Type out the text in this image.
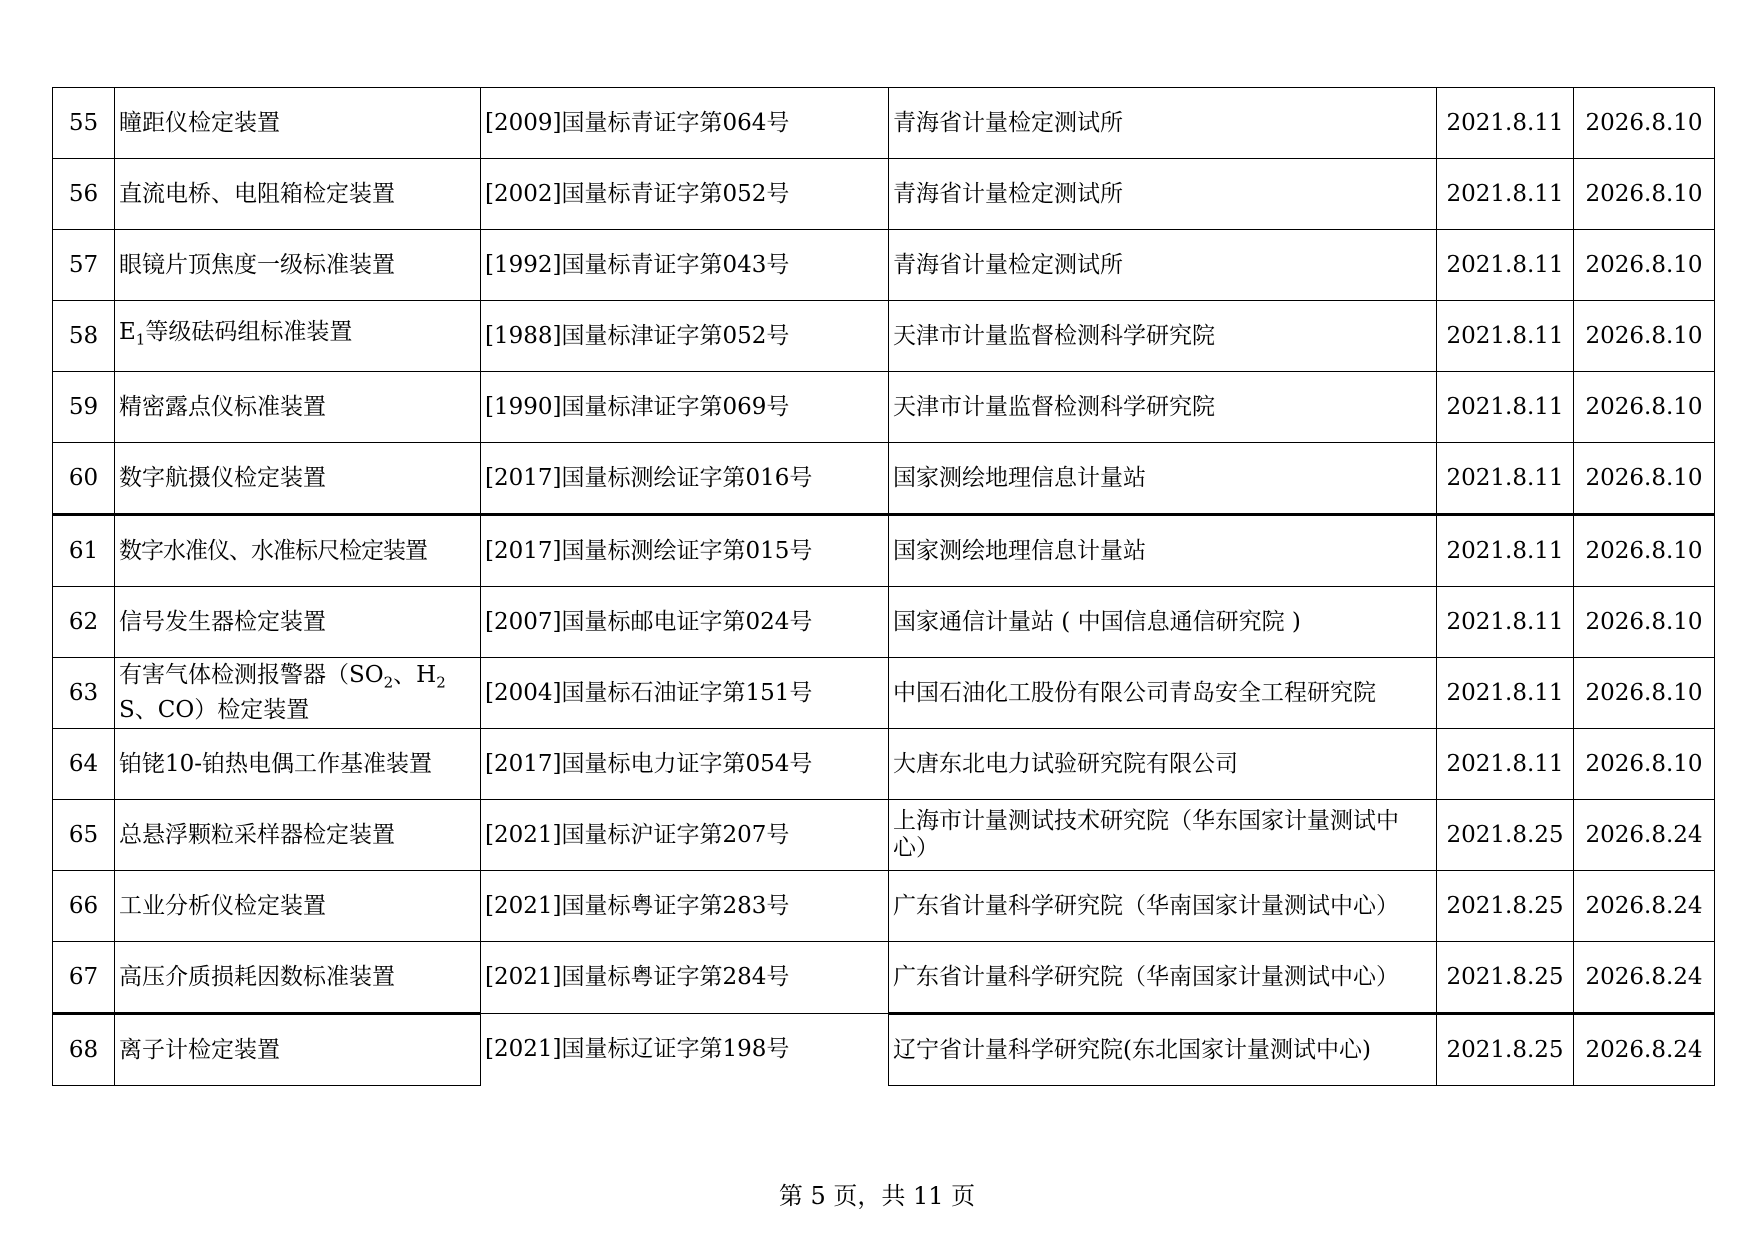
55	瞳距仪检定装置	[2009]国量标青证字第064号	青海省计量检定测试所	2021.8.11	2026.8.10
56	直流电桥、电阻箱检定装置	[2002]国量标青证字第052号	青海省计量检定测试所	2021.8.11	2026.8.10
57	眼镜片顶焦度一级标准装置	[1992]国量标青证字第043号	青海省计量检定测试所	2021.8.11	2026.8.10
58	$E_1$等级砝码组标准装置	[1988]国量标津证字第052号	天津市计量监督检测科学研究院	2021.8.11	2026.8.10
59	精密露点仪标准装置	[1990]国量标津证字第069号	天津市计量监督检测科学研究院	2021.8.11	2026.8.10
60	数字航摄仪检定装置	[2017]国量标测绘证字第016号	国家测绘地理信息计量站	2021.8.11	2026.8.10
61	数字水准仪、水准标尺检定装置	[2017]国量标测绘证字第015号	国家测绘地理信息计量站	2021.8.11	2026.8.10
62	信号发生器检定装置	[2007]国量标邮电证字第024号	国家通信计量站 ( 中国信息通信研究院 )	2021.8.11	2026.8.10
63	有害气体检测报警器（$SO_2$、$H_2S$、CO）检定装置	[2004]国量标石油证字第151号	中国石油化工股份有限公司青岛安全工程研究院	2021.8.11	2026.8.10
64	铂铑10-铂热电偶工作基准装置	[2017]国量标电力证字第054号	大唐东北电力试验研究院有限公司	2021.8.11	2026.8.10
65	总悬浮颗粒采样器检定装置	[2021]国量标沪证字第207号	上海市计量测试技术研究院（华东国家计量测试中心）	2021.8.25	2026.8.24
66	工业分析仪检定装置	[2021]国量标粤证字第283号	广东省计量科学研究院（华南国家计量测试中心）	2021.8.25	2026.8.24
67	高压介质损耗因数标准装置	[2021]国量标粤证字第284号	广东省计量科学研究院（华南国家计量测试中心）	2021.8.25	2026.8.24
68	离子计检定装置	[2021]国量标辽证字第198号	辽宁省计量科学研究院(东北国家计量测试中心)	2021.8.25	2026.8.24
第 5 页，共 11 页
